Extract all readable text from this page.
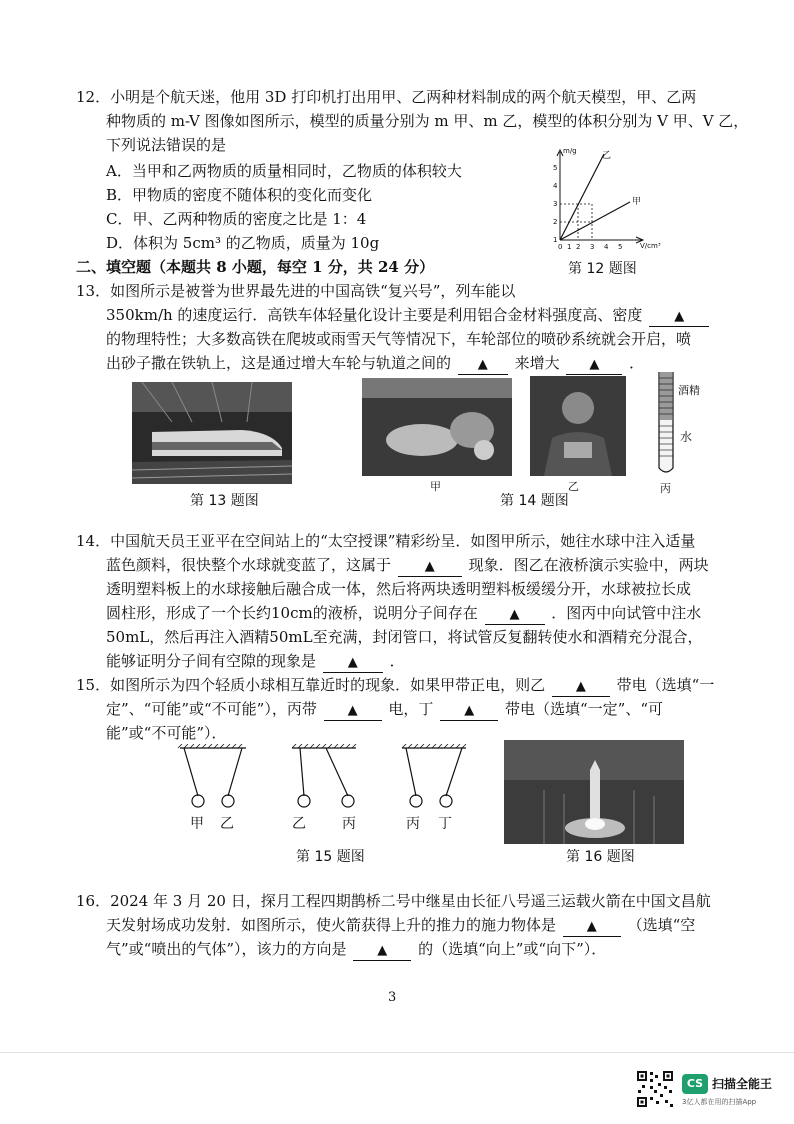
12．小明是个航天迷，他用 3D 打印机打出用甲、乙两种材料制成的两个航天模型，甲、乙两
种物质的 m-V 图像如图所示，模型的质量分别为 m 甲、m 乙，模型的体积分别为 V 甲、V 乙，
下列说法错误的是
A．当甲和乙两物质的质量相同时，乙物质的体积较大
B．甲物质的密度不随体积的变化而变化
C．甲、乙两种物质的密度之比是 1：4
D．体积为 5cm³ 的乙物质，质量为 10g
m/g
V/cm³
1
2
3
4
5
0 1 2 3 4 5
乙
甲
第 12 题图
二、填空题（本题共 8 小题，每空 1 分，共 24 分）
13．如图所示是被誉为世界最先进的中国高铁“复兴号”，列车能以
350km/h 的速度运行．高铁车体轻量化设计主要是利用铝合金材料强度高、密度 ▲
的物理特性；大多数高铁在爬坡或雨雪天气等情况下，车轮部位的喷砂系统就会开启，喷
出砂子撒在铁轨上，这是通过增大车轮与轨道之间的 ▲ 来增大 ▲ ．
第 13 题图
甲	乙
酒精
水
丙
第 14 题图
14．中国航天员王亚平在空间站上的“太空授课”精彩纷呈．如图甲所示，她往水球中注入适量
蓝色颜料，很快整个水球就变蓝了，这属于	▲ 现象．图乙在液桥演示实验中，两块
透明塑料板上的水球接触后融合成一体，然后将两块透明塑料板缓缓分开，水球被拉长成
圆柱形，形成了一个长约10cm的液桥，说明分子间存在 ▲ ．图丙中向试管中注水
50mL，然后再注入酒精50mL至充满，封闭管口，将试管反复翻转使水和酒精充分混合，
能够证明分子间有空隙的现象是 ▲ ．
15．如图所示为四个轻质小球相互靠近时的现象．如果甲带正电，则乙 ▲ 带电（选填“一
定”、“可能”或“不可能”），丙带 ▲ 电，丁 ▲ 带电（选填“一定”、“可
能”或“不可能”）．
甲 乙	乙	丙	丙 丁
第 15 题图	第 16 题图
16．2024 年 3 月 20 日，探月工程四期鹊桥二号中继星由长征八号遥三运载火箭在中国文昌航
天发射场成功发射．如图所示，使火箭获得上升的推力的施力物体是 ▲ （选填“空
气”或“喷出的气体”），该力的方向是 ▲ 的（选填“向上”或“向下”）．
3
CS 扫描全能王
3亿人都在用的扫描App
